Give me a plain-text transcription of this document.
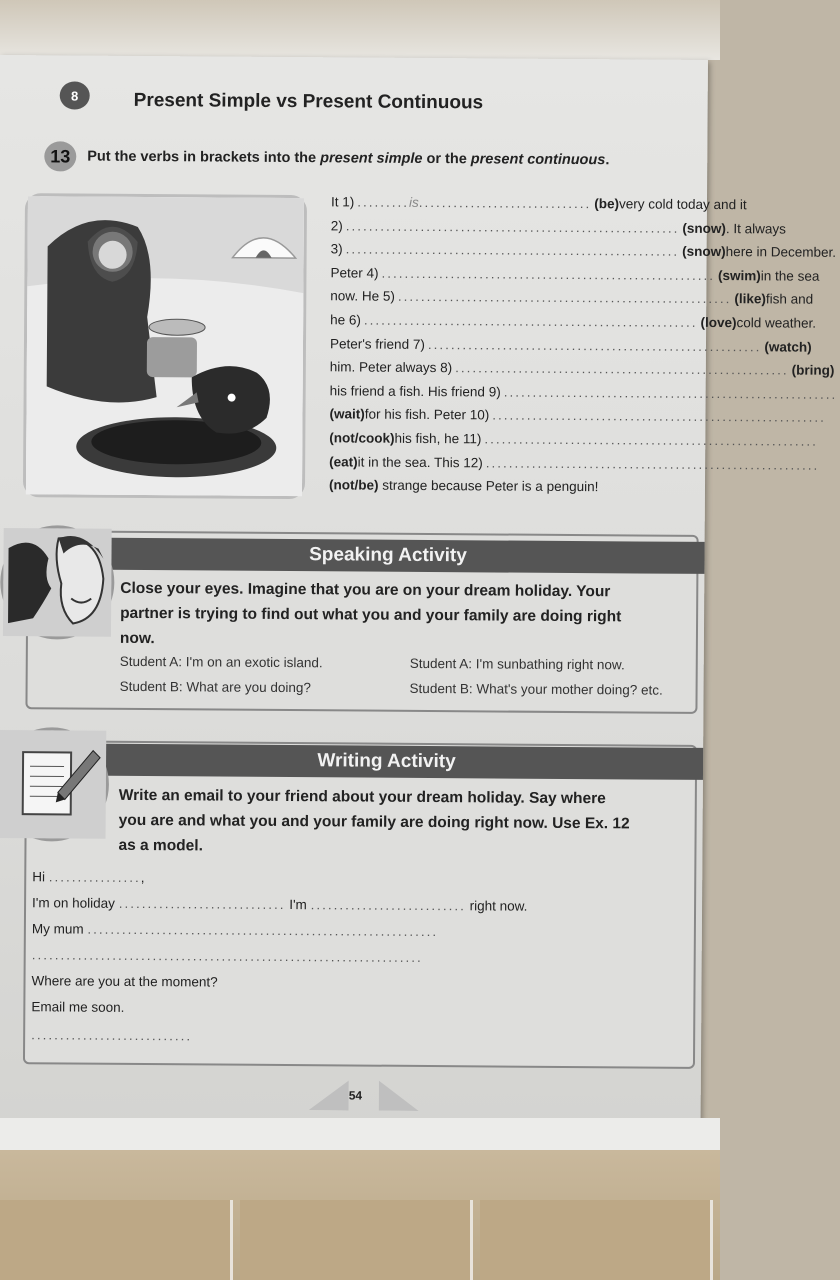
8	Present Simple vs Present Continuous
13	Put the verbs in brackets into the present simple or the present continuous.
It 1) .........is.............................. (be) very cold today and it
2) .......................................................... (snow) . It always
3) .......................................................... (snow) here in December.
Peter 4) .......................................................... (swim) in the sea
now. He 5) .......................................................... (like) fish and
he 6) .......................................................... (love) cold weather.
Peter's friend 7) .......................................................... (watch)
him. Peter always 8) .......................................................... (bring)
his friend a fish. His friend 9) ..........................................................
(wait) for his fish. Peter 10) ..........................................................
(not/cook) his fish, he 11) ..........................................................
(eat) it in the sea. This 12) ..........................................................
(not/be) strange because Peter is a penguin!
Speaking Activity
Close your eyes. Imagine that you are on your dream holiday. Your
partner is trying to find out what you and your family are doing right
now.
Student A: I'm on an exotic island.
Student B: What are you doing?
Student A: I'm sunbathing right now.
Student B: What's your mother doing? etc.
Writing Activity
Write an email to your friend about your dream holiday. Say where
you are and what you and your family are doing right now. Use Ex. 12
as a model.
Hi ................,
I'm on holiday ............................. I'm ........................... right now.
My mum .............................................................
....................................................................
Where are you at the moment?
Email me soon.
............................
54
